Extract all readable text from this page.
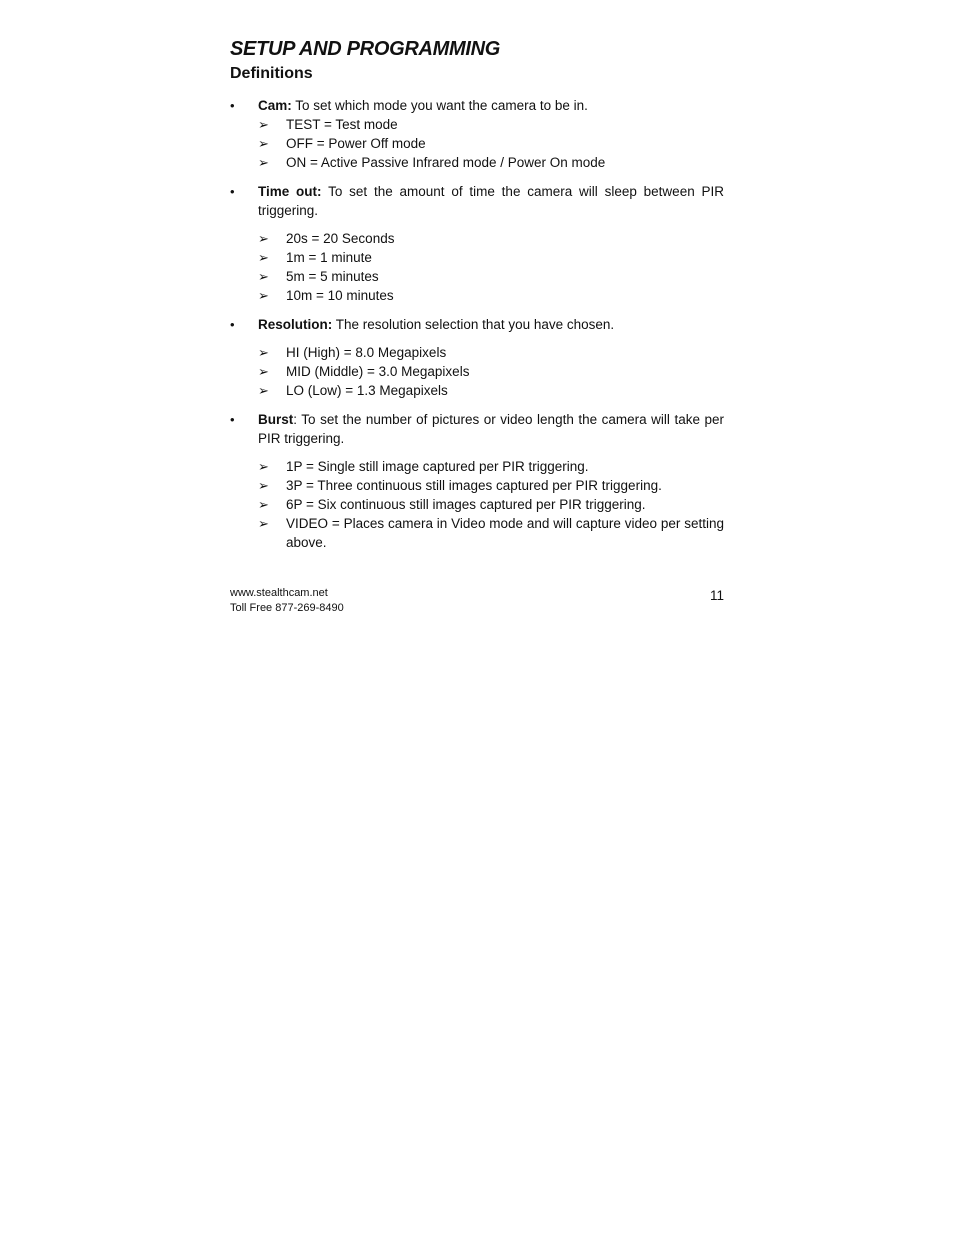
SETUP AND PROGRAMMING
Definitions
• Cam: To set which mode you want the camera to be in.
➢ TEST = Test mode
➢ OFF = Power Off mode
➢ ON = Active Passive Infrared mode / Power On mode
• Time out: To set the amount of time the camera will sleep between PIR triggering.
➢ 20s = 20 Seconds
➢ 1m = 1 minute
➢ 5m = 5 minutes
➢ 10m = 10 minutes
• Resolution: The resolution selection that you have chosen.
➢ HI (High) = 8.0 Megapixels
➢ MID (Middle) = 3.0 Megapixels
➢ LO (Low) = 1.3 Megapixels
• Burst: To set the number of pictures or video length the camera will take per PIR triggering.
➢ 1P = Single still image captured per PIR triggering.
➢ 3P = Three continuous still images captured per PIR triggering.
➢ 6P = Six continuous still images captured per PIR triggering.
➢ VIDEO = Places camera in Video mode and will capture video per setting above.
www.stealthcam.net
Toll Free 877-269-8490
11
